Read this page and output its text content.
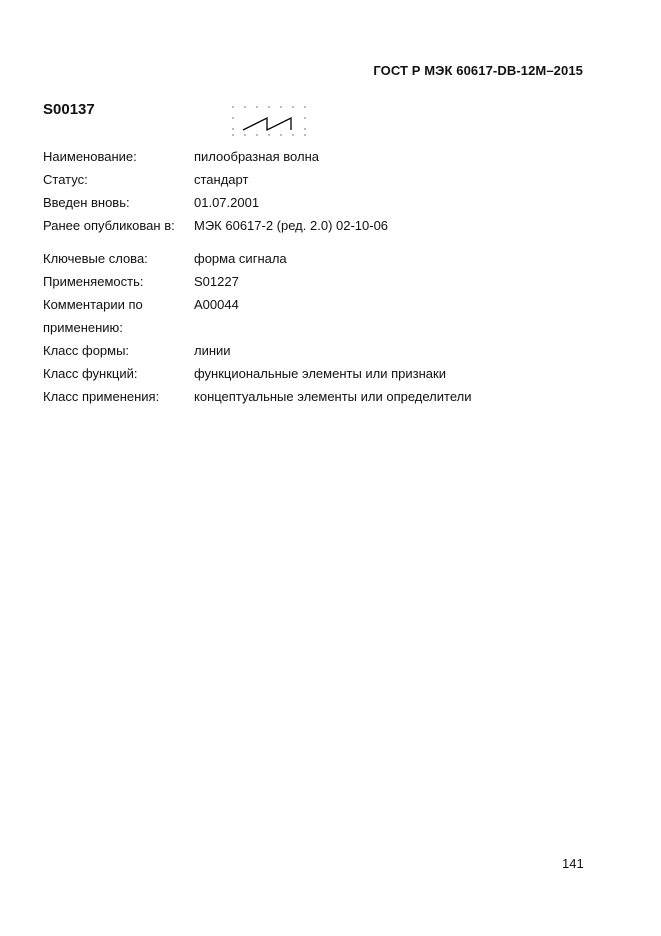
ГОСТ Р МЭК 60617-DB-12M–2015
S00137
Наименование:	пилообразная волна
Статус:	стандарт
Введен вновь:	01.07.2001
Ранее опубликован в: МЭК 60617-2 (ред. 2.0) 02-10-06
Ключевые слова:	форма сигнала
Применяемость:	S01227
Комментарии по	A00044
применению:
Класс формы:	линии
Класс функций:	функциональные элементы или признаки
Класс применения:	концептуальные элементы или определители
141
